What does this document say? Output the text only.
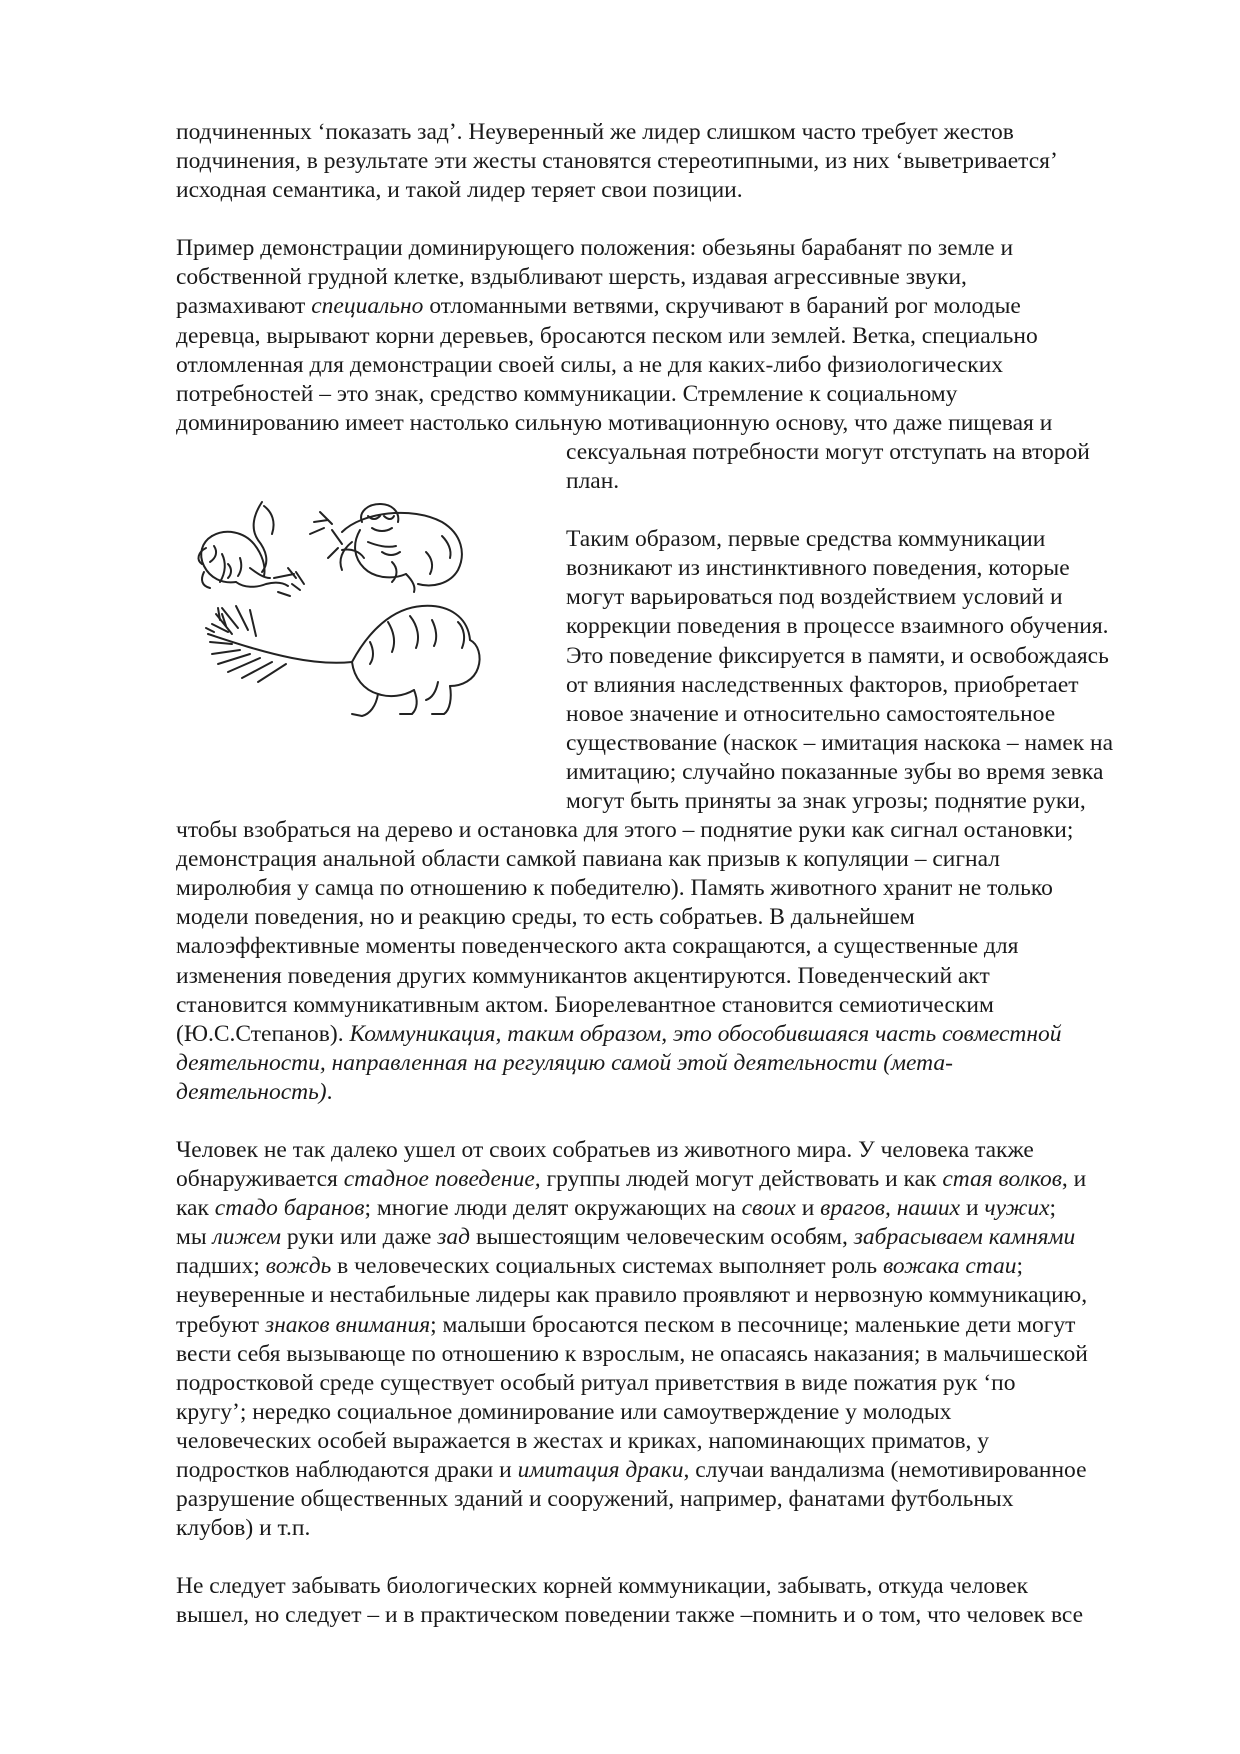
подчиненных ‘показать зад’. Неуверенный же лидер слишком часто требует жестов
подчинения, в результате эти жесты становятся стереотипными, из них ‘выветривается’
исходная семантика, и такой лидер теряет свои позиции.

Пример демонстрации доминирующего положения: обезьяны барабанят по земле и
собственной грудной клетке, вздыбливают шерсть, издавая агрессивные звуки,
размахивают специально отломанными ветвями, скручивают в бараний рог молодые
деревца, вырывают корни деревьев, бросаются песком или землей. Ветка, специально
отломленная для демонстрации своей силы, а не для каких-либо физиологических
потребностей – это знак, средство коммуникации. Стремление к социальному
доминированию имеет настолько сильную мотивационную основу, что даже пищевая и
сексуальная потребности могут отступать на второй
план.

Таким образом, первые средства коммуникации
возникают из инстинктивного поведения, которые
могут варьироваться под воздействием условий и
коррекции поведения в процессе взаимного обучения.
Это поведение фиксируется в памяти, и освобождаясь
от влияния наследственных факторов, приобретает
новое значение и относительно самостоятельное
существование (наскок – имитация наскока – намек на
имитацию; случайно показанные зубы во время зевка
могут быть приняты за знак угрозы; поднятие руки,
чтобы взобраться на дерево и остановка для этого – поднятие руки как сигнал остановки;
демонстрация анальной области самкой павиана как призыв к копуляции – сигнал
миролюбия у самца по отношению к победителю). Память животного хранит не только
модели поведения, но и реакцию среды, то есть собратьев. В дальнейшем
малоэффективные моменты поведенческого акта сокращаются, а существенные для
изменения поведения других коммуникантов акцентируются. Поведенческий акт
становится коммуникативным актом. Биорелевантное становится семиотическим
(Ю.С.Степанов). Коммуникация, таким образом, это обособившаяся часть совместной
деятельности, направленная на регуляцию самой этой деятельности (мета-
деятельность).

Человек не так далеко ушел от своих собратьев из животного мира. У человека также
обнаруживается стадное поведение, группы людей могут действовать и как стая волков, и
как стадо баранов; многие люди делят окружающих на своих и врагов, наших и чужих;
мы лижем руки или даже зад вышестоящим человеческим особям, забрасываем камнями
падших; вождь в человеческих социальных системах выполняет роль вожака стаи;
неуверенные и нестабильные лидеры как правило проявляют и нервозную коммуникацию,
требуют знаков внимания; малыши бросаются песком в песочнице; маленькие дети могут
вести себя вызывающе по отношению к взрослым, не опасаясь наказания; в мальчишеской
подростковой среде существует особый ритуал приветствия в виде пожатия рук ‘по
кругу’; нередко социальное доминирование или самоутверждение у молодых
человеческих особей выражается в жестах и криках, напоминающих приматов, у
подростков наблюдаются драки и имитация драки, случаи вандализма (немотивированное
разрушение общественных зданий и сооружений, например, фанатами футбольных
клубов) и т.п.

Не следует забывать биологических корней коммуникации, забывать, откуда человек
вышел, но следует – и в практическом поведении также –помнить и о том, что человек все
